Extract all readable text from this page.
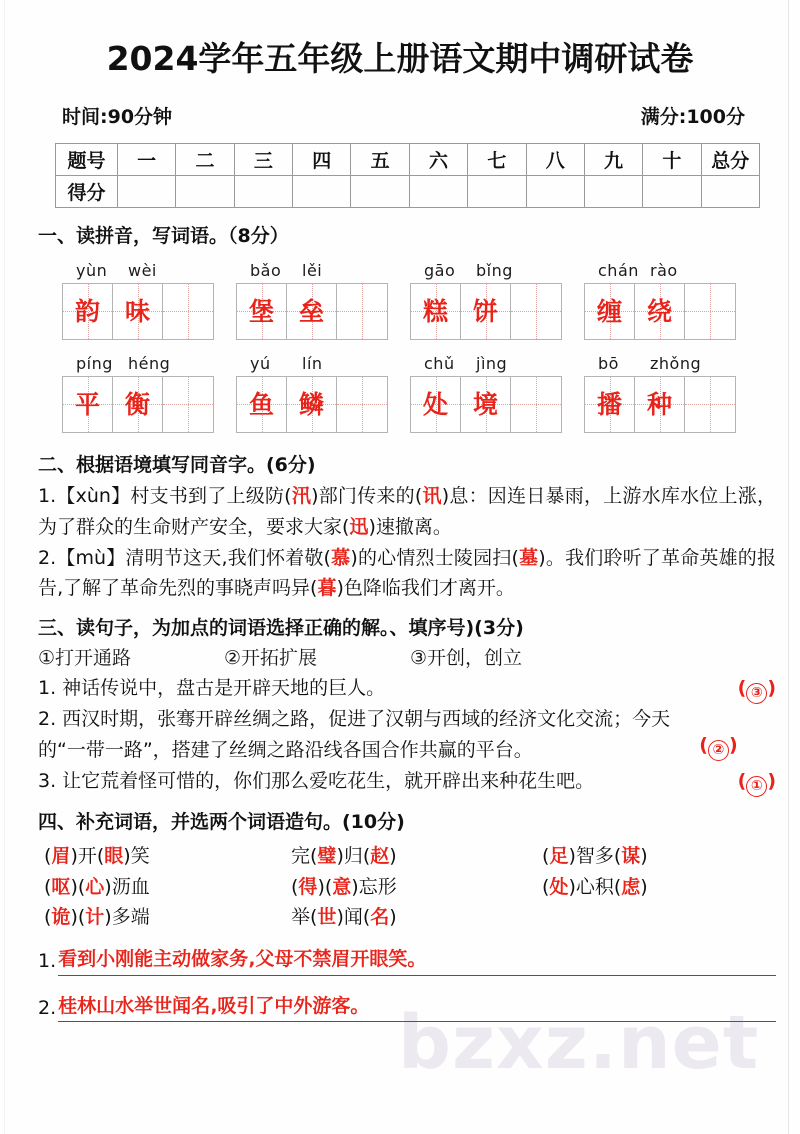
bzxz.net
2024学年五年级上册语文期中调研试卷
时间:90分钟	满分:100分
题号	一	二	三	四	五	六	七	八	九	十	总分
得分											
一、读拼音，写词语。（8分）
yùn wèi
韵 味
bǎo lěi
堡 垒
gāo bǐng
糕 饼
chán rào
缠 绕
píng héng
平 衡
yú lín
鱼 鳞
chǔ jìng
处 境
bō zhǒng
播 种
二、根据语境填写同音字。(6分)

1.【xùn】村支书到了上级防(汛)部门传来的(讯)息：因连日暴雨，上游水库水位上涨，为了群众的生命财产安全，要求大家(迅)速撤离。

2.【mù】清明节这天‚我们怀着敬(慕)的心情烈士陵园扫(墓)。我们聆听了革命英雄的报告‚了解了革命先烈的事晓声吗异(暮)色降临我们才离开。

三、读句子，为加点的词语选择正确的解。、填序号)(3分)
①打开通路	②开拓扩展	③开创，创立
( ③ )
1. 神话传说中，盘古是开辟天地的巨人。
( ② )
2. 西汉时期，张骞开辟丝绸之路，促进了汉朝与西域的经济文化交流；今天的“一带一路”，搭建了丝绸之路沿线各国合作共赢的平台。
( ① )
3. 让它荒着怪可惜的，你们那么爱吃花生，就开辟出来种花生吧。
四、补充词语，并选两个词语造句。(10分)
(眉)开(眼)笑	完(璧)归(赵)	(足)智多(谋)
(呕)(心)沥血	(得)(意)忘形	(处)心积(虑)
(诡)(计)多端	举(世)闻(名)
1. 看到小刚能主动做家务‚父母不禁眉开眼笑。
2. 桂林山水举世闻名‚吸引了中外游客。
